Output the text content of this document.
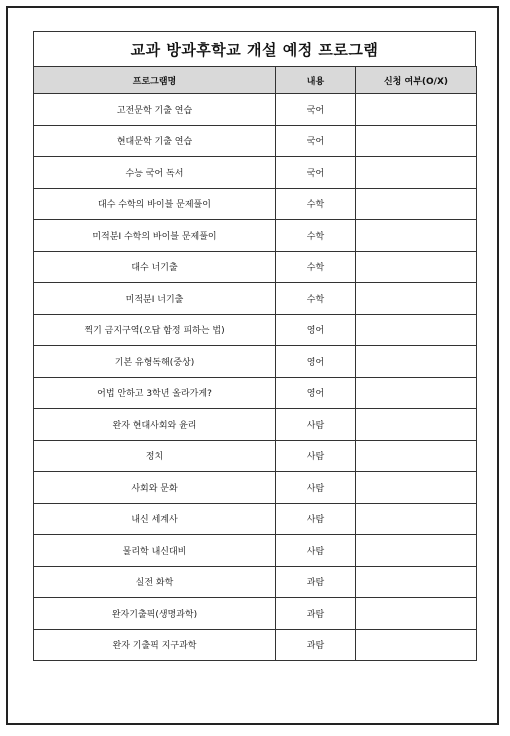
교과 방과후학교 개설 예정 프로그램
프로그램명	내용	신청 여부(O/X)
고전문학 기출 연습	국어	
현대문학 기출 연습	국어	
수능 국어 독서	국어	
대수 수학의 바이블 문제풀이	수학	
미적분Ⅰ 수학의 바이블 문제풀이	수학	
대수 너기출	수학	
미적분Ⅰ 너기출	수학	
찍기 금지구역(오답 함정 피하는 법)	영어	
기본 유형독해(중상)	영어	
어법 안하고 3학년 올라가게?	영어	
완자 현대사회와 윤리	사탐	
정치	사탐	
사회와 문화	사탐	
내신 세계사	사탐	
물리학 내신대비	사탐	
실전 화학	과탐	
완자기출픽(생명과학)	과탐	
완자 기출픽 지구과학	과탐	
